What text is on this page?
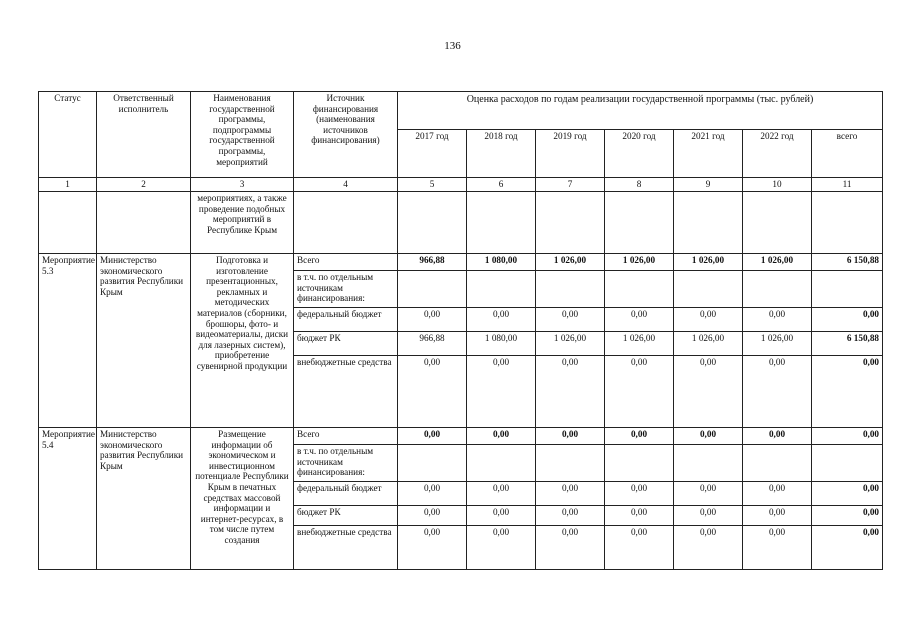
136
Статус	Ответственный исполнитель	Наименования государственной программы, подпрограммы государственной программы, мероприятий	Источник финансирования (наименования источников финансирования)	Оценка расходов по годам реализации государственной программы (тыс. рублей)						
				2017 год	2018 год	2019 год	2020 год	2021 год	2022 год	всего
1	2	3	4	5	6	7	8	9	10	11
		мероприятиях, а также проведение подобных мероприятий в Республике Крым								
Мероприятие 5.3	Министерство экономического развития Республики Крым	Подготовка и изготовление презентационных, рекламных и методических материалов (сборники, брошюры, фото- и видеоматериалы, диски для лазерных систем), приобретение сувенирной продукции	Всего	966,88	1 080,00	1 026,00	1 026,00	1 026,00	1 026,00	6 150,88
			в т.ч. по отдельным источникам финансирования:							
			федеральный бюджет	0,00	0,00	0,00	0,00	0,00	0,00	0,00
			бюджет РК	966,88	1 080,00	1 026,00	1 026,00	1 026,00	1 026,00	6 150,88
			внебюджетные средства	0,00	0,00	0,00	0,00	0,00	0,00	0,00
Мероприятие 5.4	Министерство экономического развития Республики Крым	Размещение информации об экономическом и инвестиционном потенциале Республики Крым в печатных средствах массовой информации и интернет-ресурсах, в том числе путем создания	Всего	0,00	0,00	0,00	0,00	0,00	0,00	0,00
			в т.ч. по отдельным источникам финансирования:							
			федеральный бюджет	0,00	0,00	0,00	0,00	0,00	0,00	0,00
			бюджет РК	0,00	0,00	0,00	0,00	0,00	0,00	0,00
			внебюджетные средства	0,00	0,00	0,00	0,00	0,00	0,00	0,00
